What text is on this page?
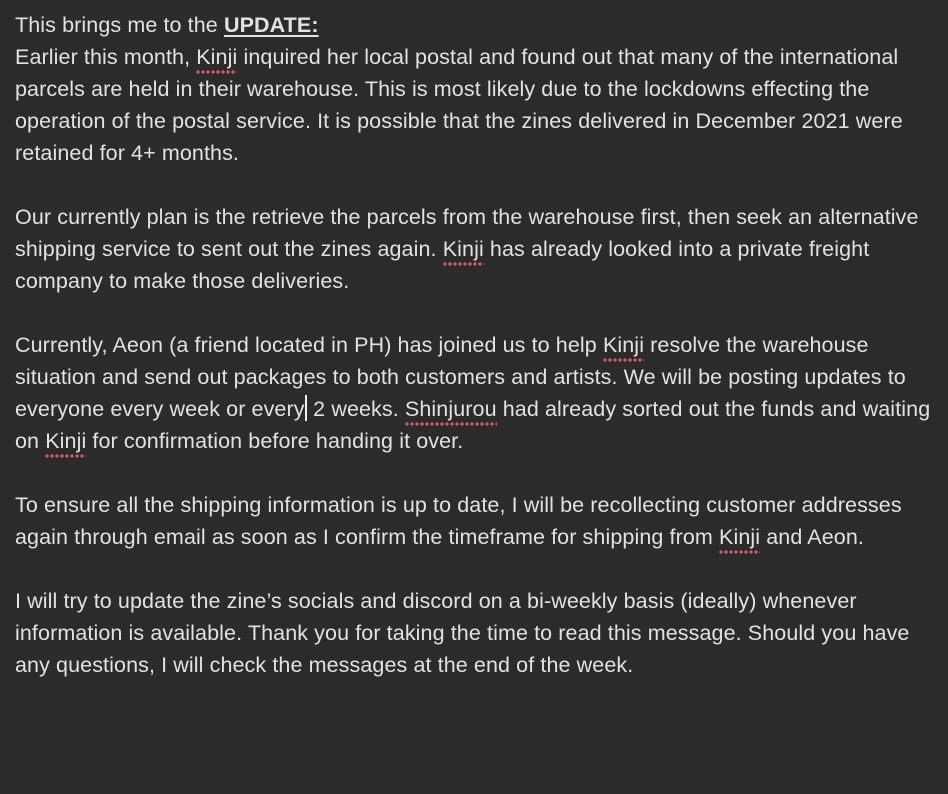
This brings me to the UPDATE:
Earlier this month, Kinji inquired her local postal and found out that many of the international parcels are held in their warehouse. This is most likely due to the lockdowns effecting the operation of the postal service. It is possible that the zines delivered in December 2021 were retained for 4+ months.

Our currently plan is the retrieve the parcels from the warehouse first, then seek an alternative shipping service to sent out the zines again. Kinji has already looked into a private freight company to make those deliveries.

Currently, Aeon (a friend located in PH) has joined us to help Kinji resolve the warehouse situation and send out packages to both customers and artists. We will be posting updates to everyone every week or every 2 weeks. Shinjurou had already sorted out the funds and waiting on Kinji for confirmation before handing it over.

To ensure all the shipping information is up to date, I will be recollecting customer addresses again through email as soon as I confirm the timeframe for shipping from Kinji and Aeon.

I will try to update the zine’s socials and discord on a bi-weekly basis (ideally) whenever information is available. Thank you for taking the time to read this message. Should you have any questions, I will check the messages at the end of the week.
